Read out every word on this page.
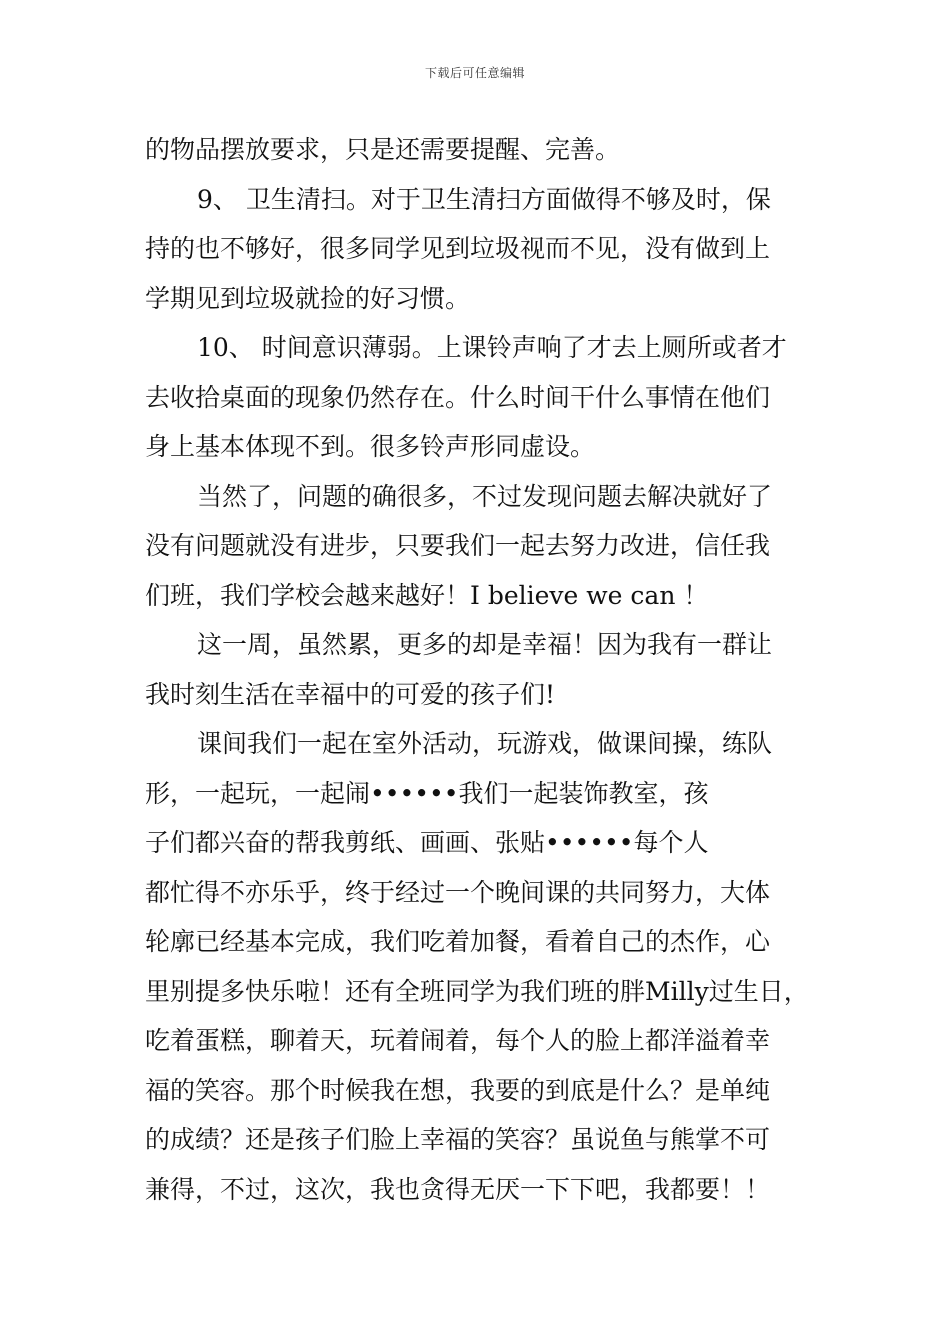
下载后可任意编辑
的物品摆放要求，只是还需要提醒、完善。
9、 卫生清扫。对于卫生清扫方面做得不够及时，保
持的也不够好，很多同学见到垃圾视而不见，没有做到上
学期见到垃圾就捡的好习惯。
10、 时间意识薄弱。上课铃声响了才去上厕所或者才
去收拾桌面的现象仍然存在。什么时间干什么事情在他们
身上基本体现不到。很多铃声形同虚设。
当然了，问题的确很多，不过发现问题去解决就好了
没有问题就没有进步，只要我们一起去努力改进，信任我
们班，我们学校会越来越好！I believe we can ！
这一周，虽然累，更多的却是幸福！因为我有一群让
我时刻生活在幸福中的可爱的孩子们!
课间我们一起在室外活动，玩游戏，做课间操，练队
形，一起玩，一起闹••••••我们一起装饰教室，孩
子们都兴奋的帮我剪纸、画画、张贴••••••每个人
都忙得不亦乐乎，终于经过一个晚间课的共同努力，大体
轮廓已经基本完成，我们吃着加餐，看着自己的杰作，心
里别提多快乐啦！还有全班同学为我们班的胖Milly过生日，
吃着蛋糕，聊着天，玩着闹着，每个人的脸上都洋溢着幸
福的笑容。那个时候我在想，我要的到底是什么？是单纯
的成绩？还是孩子们脸上幸福的笑容？虽说鱼与熊掌不可
兼得，不过，这次，我也贪得无厌一下下吧，我都要！！
